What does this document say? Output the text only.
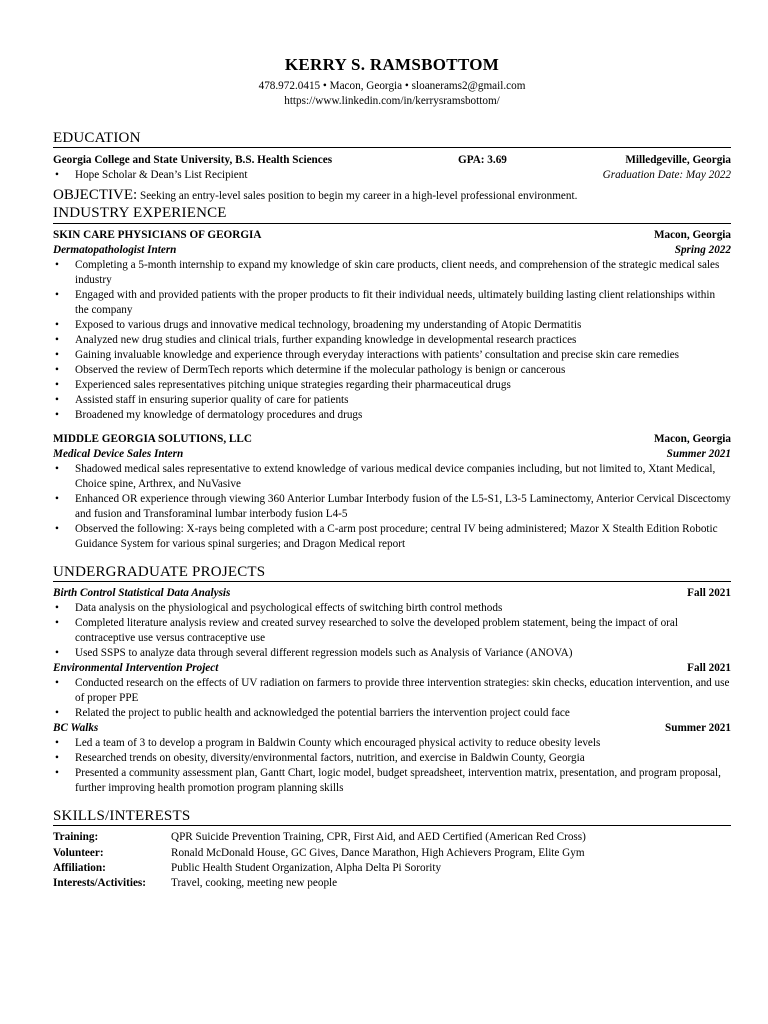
KERRY S. RAMSBOTTOM
478.972.0415 • Macon, Georgia • sloanerams2@gmail.com
https://www.linkedin.com/in/kerrysramsbottom/
EDUCATION
Georgia College and State University, B.S. Health Sciences	GPA: 3.69	Milledgeville, Georgia
• Hope Scholar & Dean’s List Recipient	Graduation Date: May 2022
OBJECTIVE: Seeking an entry-level sales position to begin my career in a high-level professional environment.
INDUSTRY EXPERIENCE
SKIN CARE PHYSICIANS OF GEORGIA	Macon, Georgia
Dermatopathologist Intern	Spring 2022
• Completing a 5-month internship to expand my knowledge of skin care products, client needs, and comprehension of the strategic medical sales industry
• Engaged with and provided patients with the proper products to fit their individual needs, ultimately building lasting client relationships within the company
• Exposed to various drugs and innovative medical technology, broadening my understanding of Atopic Dermatitis
• Analyzed new drug studies and clinical trials, further expanding knowledge in developmental research practices
• Gaining invaluable knowledge and experience through everyday interactions with patients’ consultation and precise skin care remedies
• Observed the review of DermTech reports which determine if the molecular pathology is benign or cancerous
• Experienced sales representatives pitching unique strategies regarding their pharmaceutical drugs
• Assisted staff in ensuring superior quality of care for patients
• Broadened my knowledge of dermatology procedures and drugs
MIDDLE GEORGIA SOLUTIONS, LLC	Macon, Georgia
Medical Device Sales Intern	Summer 2021
• Shadowed medical sales representative to extend knowledge of various medical device companies including, but not limited to, Xtant Medical, Choice spine, Arthrex, and NuVasive
• Enhanced OR experience through viewing 360 Anterior Lumbar Interbody fusion of the L5-S1, L3-5 Laminectomy, Anterior Cervical Discectomy and fusion and Transforaminal lumbar interbody fusion L4-5
• Observed the following: X-rays being completed with a C-arm post procedure; central IV being administered; Mazor X Stealth Edition Robotic Guidance System for various spinal surgeries; and Dragon Medical report
UNDERGRADUATE PROJECTS
Birth Control Statistical Data Analysis	Fall 2021
• Data analysis on the physiological and psychological effects of switching birth control methods
• Completed literature analysis review and created survey researched to solve the developed problem statement, being the impact of oral contraceptive use versus contraceptive use
• Used SSPS to analyze data through several different regression models such as Analysis of Variance (ANOVA)
Environmental Intervention Project	Fall 2021
• Conducted research on the effects of UV radiation on farmers to provide three intervention strategies: skin checks, education intervention, and use of proper PPE
• Related the project to public health and acknowledged the potential barriers the intervention project could face
BC Walks	Summer 2021
• Led a team of 3 to develop a program in Baldwin County which encouraged physical activity to reduce obesity levels
• Researched trends on obesity, diversity/environmental factors, nutrition, and exercise in Baldwin County, Georgia
• Presented a community assessment plan, Gantt Chart, logic model, budget spreadsheet, intervention matrix, presentation, and program proposal, further improving health promotion program planning skills
SKILLS/INTERESTS
Training:	QPR Suicide Prevention Training, CPR, First Aid, and AED Certified (American Red Cross)
Volunteer:	Ronald McDonald House, GC Gives, Dance Marathon, High Achievers Program, Elite Gym
Affiliation:	Public Health Student Organization, Alpha Delta Pi Sorority
Interests/Activities:	Travel, cooking, meeting new people
